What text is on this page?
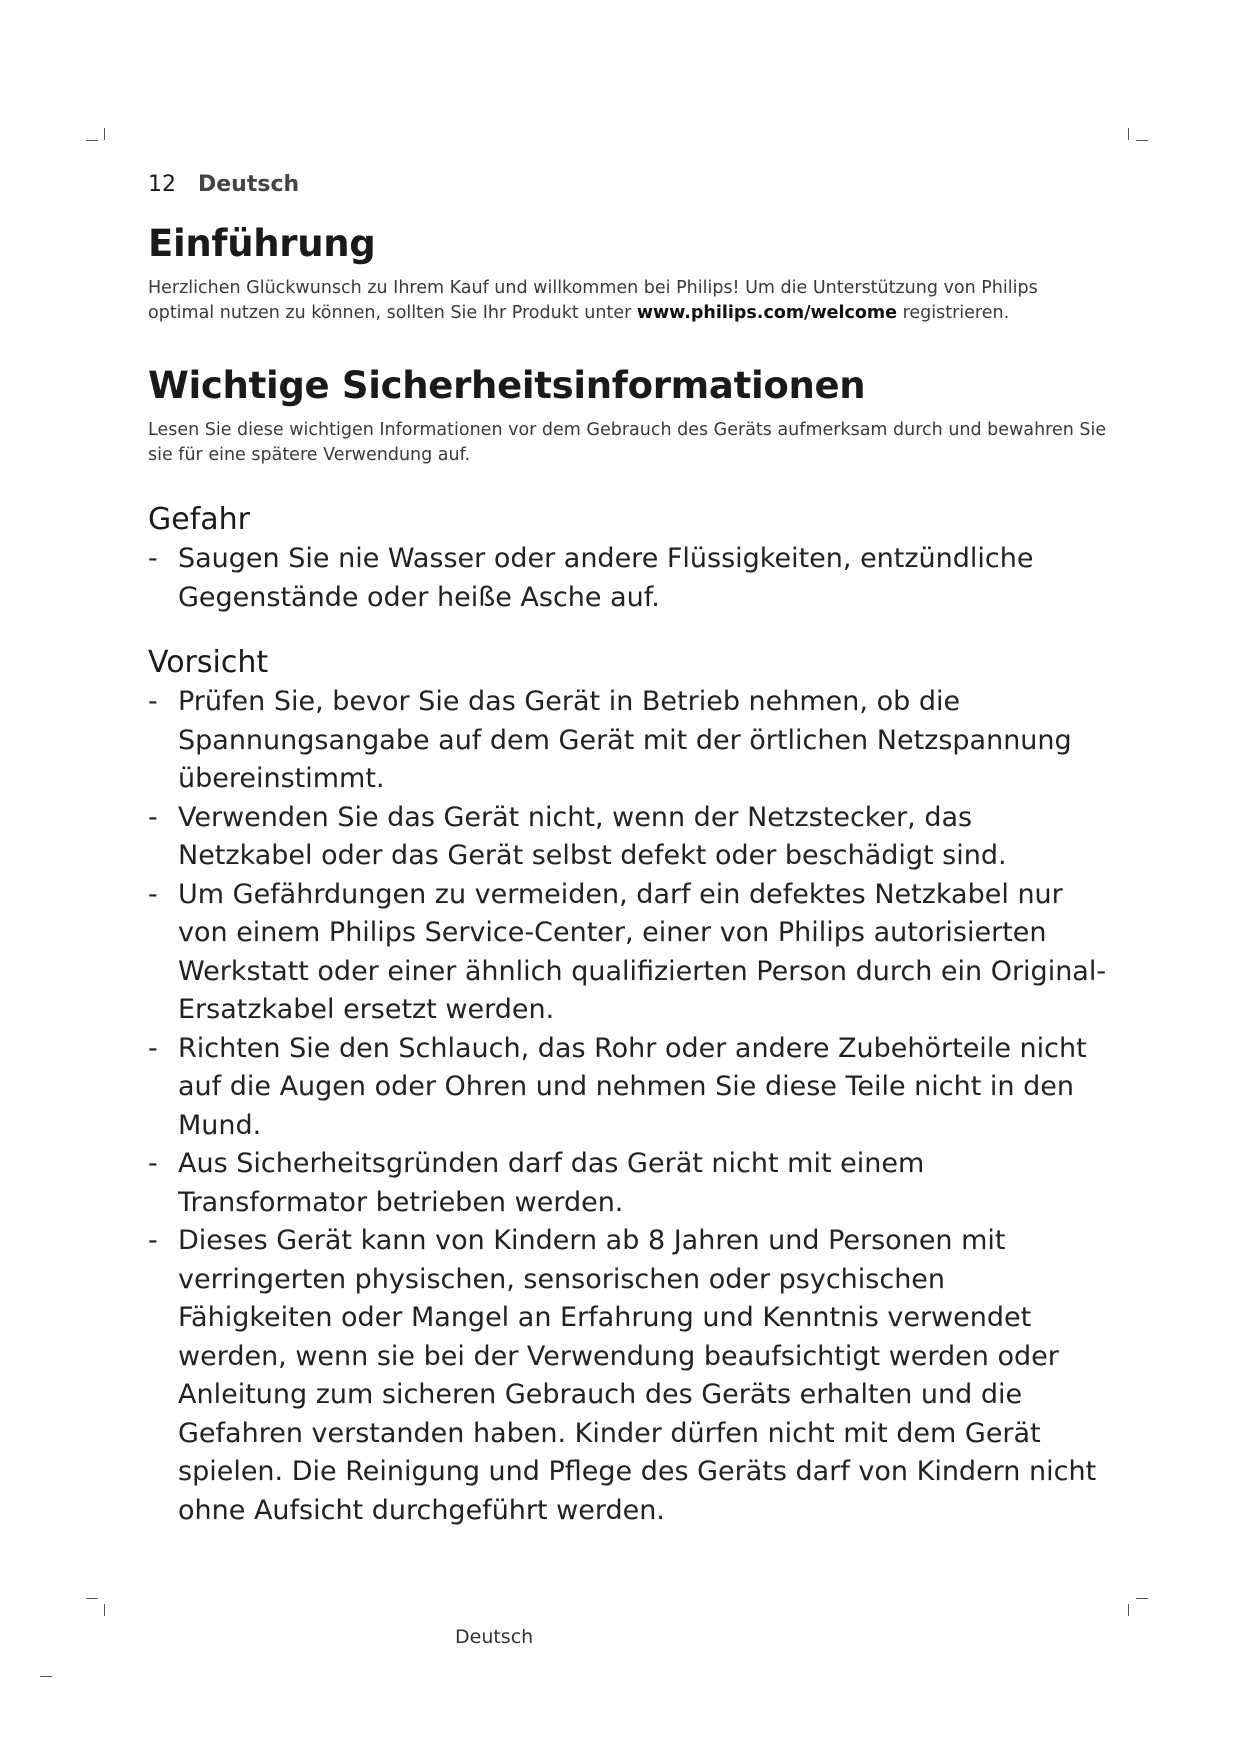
12 Deutsch
Einführung

Herzlichen Glückwunsch zu Ihrem Kauf und willkommen bei Philips! Um die Unterstützung von Philips optimal nutzen zu können, sollten Sie Ihr Produkt unter www.philips.com/welcome registrieren.

Wichtige Sicherheitsinformationen

Lesen Sie diese wichtigen Informationen vor dem Gebrauch des Geräts aufmerksam durch und bewahren Sie sie für eine spätere Verwendung auf.

Gefahr
- Saugen Sie nie Wasser oder andere Flüssigkeiten, entzündliche Gegenstände oder heiße Asche auf.
Vorsicht
- Prüfen Sie, bevor Sie das Gerät in Betrieb nehmen, ob die Spannungsangabe auf dem Gerät mit der örtlichen Netzspannung übereinstimmt.
- Verwenden Sie das Gerät nicht, wenn der Netzstecker, das Netzkabel oder das Gerät selbst defekt oder beschädigt sind.
- Um Gefährdungen zu vermeiden, darf ein defektes Netzkabel nur von einem Philips Service-Center, einer von Philips autorisierten Werkstatt oder einer ähnlich qualifizierten Person durch ein Original-Ersatzkabel ersetzt werden.
- Richten Sie den Schlauch, das Rohr oder andere Zubehörteile nicht auf die Augen oder Ohren und nehmen Sie diese Teile nicht in den Mund.
- Aus Sicherheitsgründen darf das Gerät nicht mit einem Transformator betrieben werden.
- Dieses Gerät kann von Kindern ab 8 Jahren und Personen mit verringerten physischen, sensorischen oder psychischen Fähigkeiten oder Mangel an Erfahrung und Kenntnis verwendet werden, wenn sie bei der Verwendung beaufsichtigt werden oder Anleitung zum sicheren Gebrauch des Geräts erhalten und die Gefahren verstanden haben. Kinder dürfen nicht mit dem Gerät spielen. Die Reinigung und Pflege des Geräts darf von Kindern nicht ohne Aufsicht durchgeführt werden.
Deutsch
